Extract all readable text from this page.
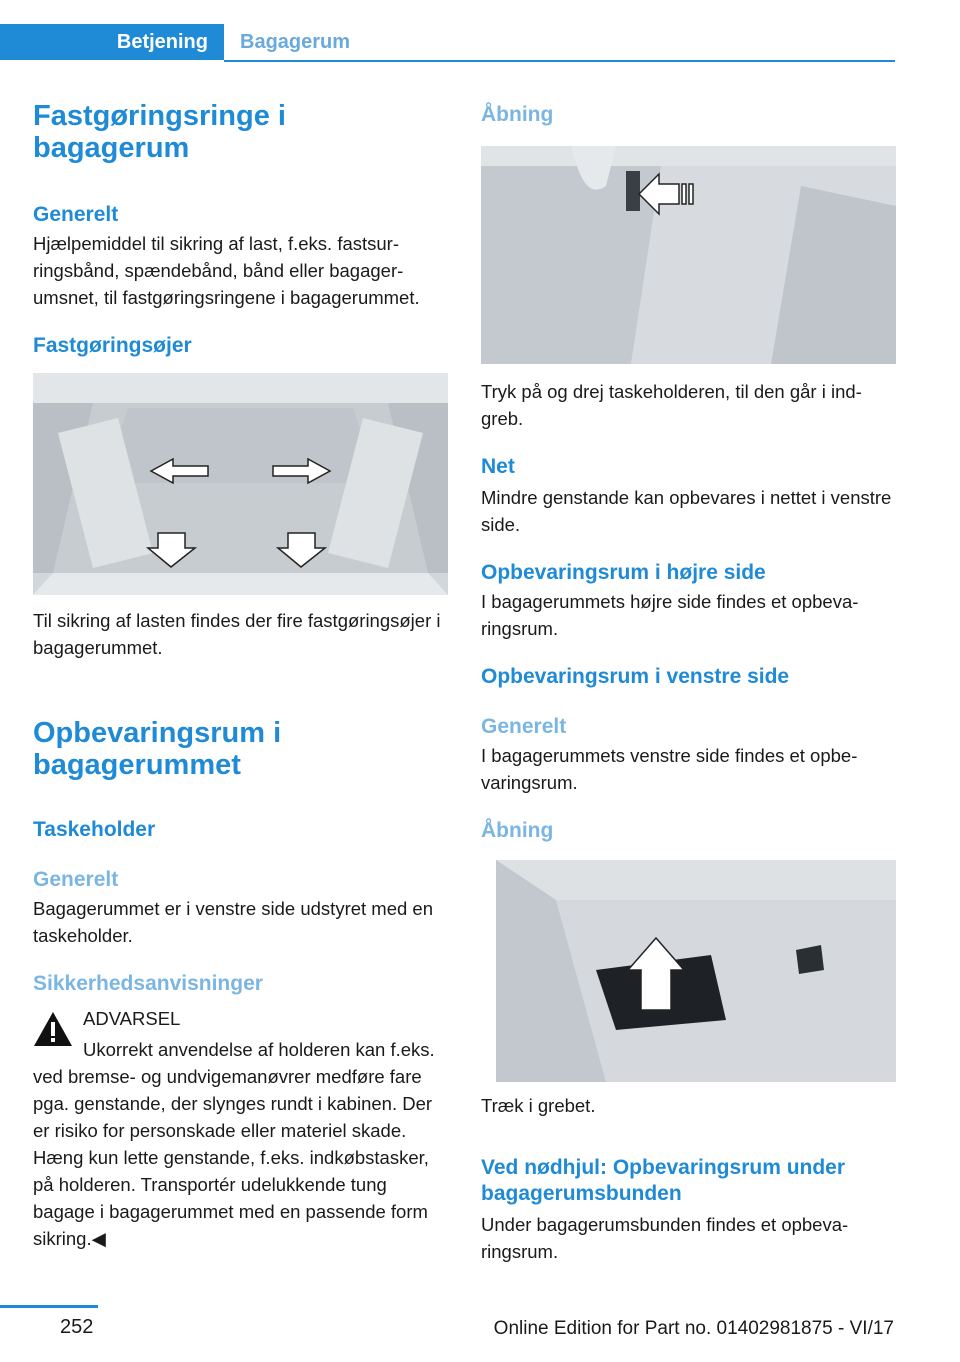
Betjening	Bagagerum
Fastgøringsringe i bagagerum
Generelt

Hjælpemiddel til sikring af last, f.eks. fastsurringsbånd, spændebånd, bånd eller bagagerumsnet, til fastgøringsringene i bagagerummet.

Fastgøringsøjer

Til sikring af lasten findes der fire fastgøringsøjer i bagagerummet.

Opbevaringsrum i bagagerummet
Taskeholder
Generelt

Bagagerummet er i venstre side udstyret med en taskeholder.

Sikkerhedsanvisninger

ADVARSEL

Ukorrekt anvendelse af holderen kan f.eks. ved bremse- og undvigemanøvrer medføre fare pga. genstande, der slynges rundt i kabinen. Der er risiko for personskade eller materiel skade. Hæng kun lette genstande, f.eks. indkøbstasker, på holderen. Transportér udelukkende tung bagage i bagagerummet med en passende form sikring.◀

Åbning

Tryk på og drej taskeholderen, til den går i indgreb.

Net

Mindre genstande kan opbevares i nettet i venstre side.

Opbevaringsrum i højre side

I bagagerummets højre side findes et opbevaringsrum.

Opbevaringsrum i venstre side
Generelt

I bagagerummets venstre side findes et opbevaringsrum.

Åbning

Træk i grebet.

Ved nødhjul: Opbevaringsrum under bagagerumsbunden

Under bagagerumsbunden findes et opbevaringsrum.

252	Online Edition for Part no. 01402981875 - VI/17
